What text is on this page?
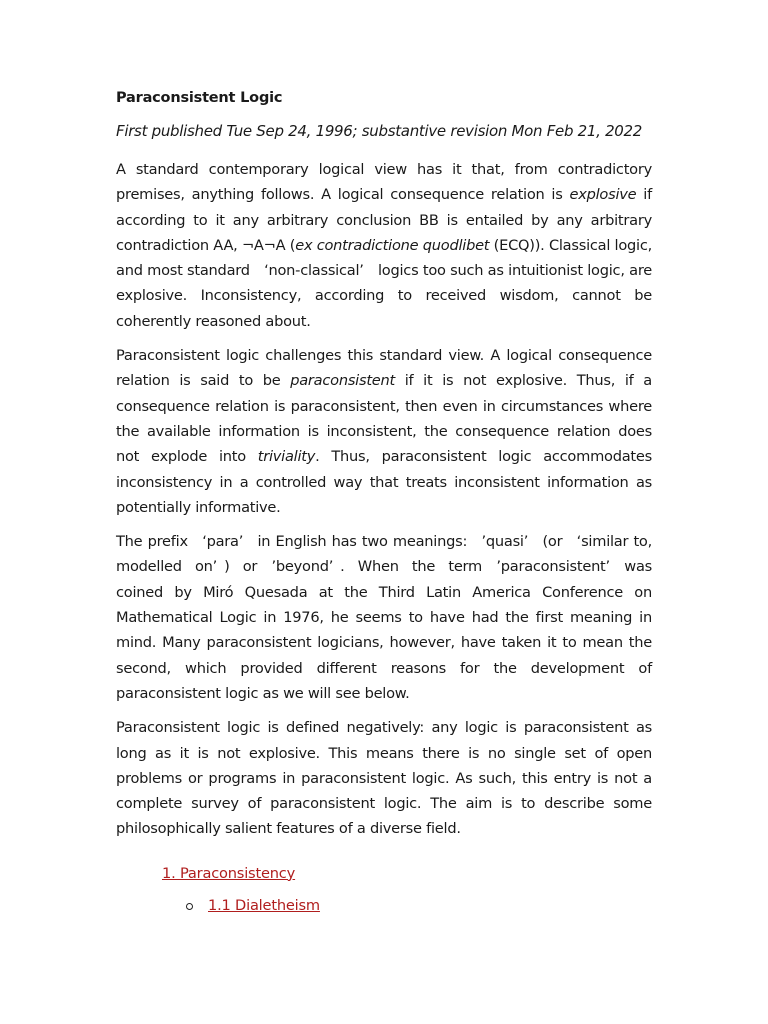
Paraconsistent Logic
First published Tue Sep 24, 1996; substantive revision Mon Feb 21, 2022

A standard contemporary logical view has it that, from contradictory premises, anything follows. A logical consequence relation is explosive if according to it any arbitrary conclusion BB is entailed by any arbitrary contradiction AA, ¬A¬A (ex contradictione quodlibet (ECQ)). Classical logic, and most standard ‘non-classical’ logics too such as intuitionist logic, are explosive. Inconsistency, according to received wisdom, cannot be coherently reasoned about.

Paraconsistent logic challenges this standard view. A logical consequence relation is said to be paraconsistent if it is not explosive. Thus, if a consequence relation is paraconsistent, then even in circumstances where the available information is inconsistent, the consequence relation does not explode into triviality. Thus, paraconsistent logic accommodates inconsistency in a controlled way that treats inconsistent information as potentially informative.

The prefix ‘para’ in English has two meanings: ’quasi’ (or ‘similar to, modelled on’ ) or ’beyond’ . When the term ’paraconsistent’ was coined by Miró Quesada at the Third Latin America Conference on Mathematical Logic in 1976, he seems to have had the first meaning in mind. Many paraconsistent logicians, however, have taken it to mean the second, which provided different reasons for the development of paraconsistent logic as we will see below.

Paraconsistent logic is defined negatively: any logic is paraconsistent as long as it is not explosive. This means there is no single set of open problems or programs in paraconsistent logic. As such, this entry is not a complete survey of paraconsistent logic. The aim is to describe some philosophically salient features of a diverse field.

1. Paraconsistency
1.1 Dialetheism
